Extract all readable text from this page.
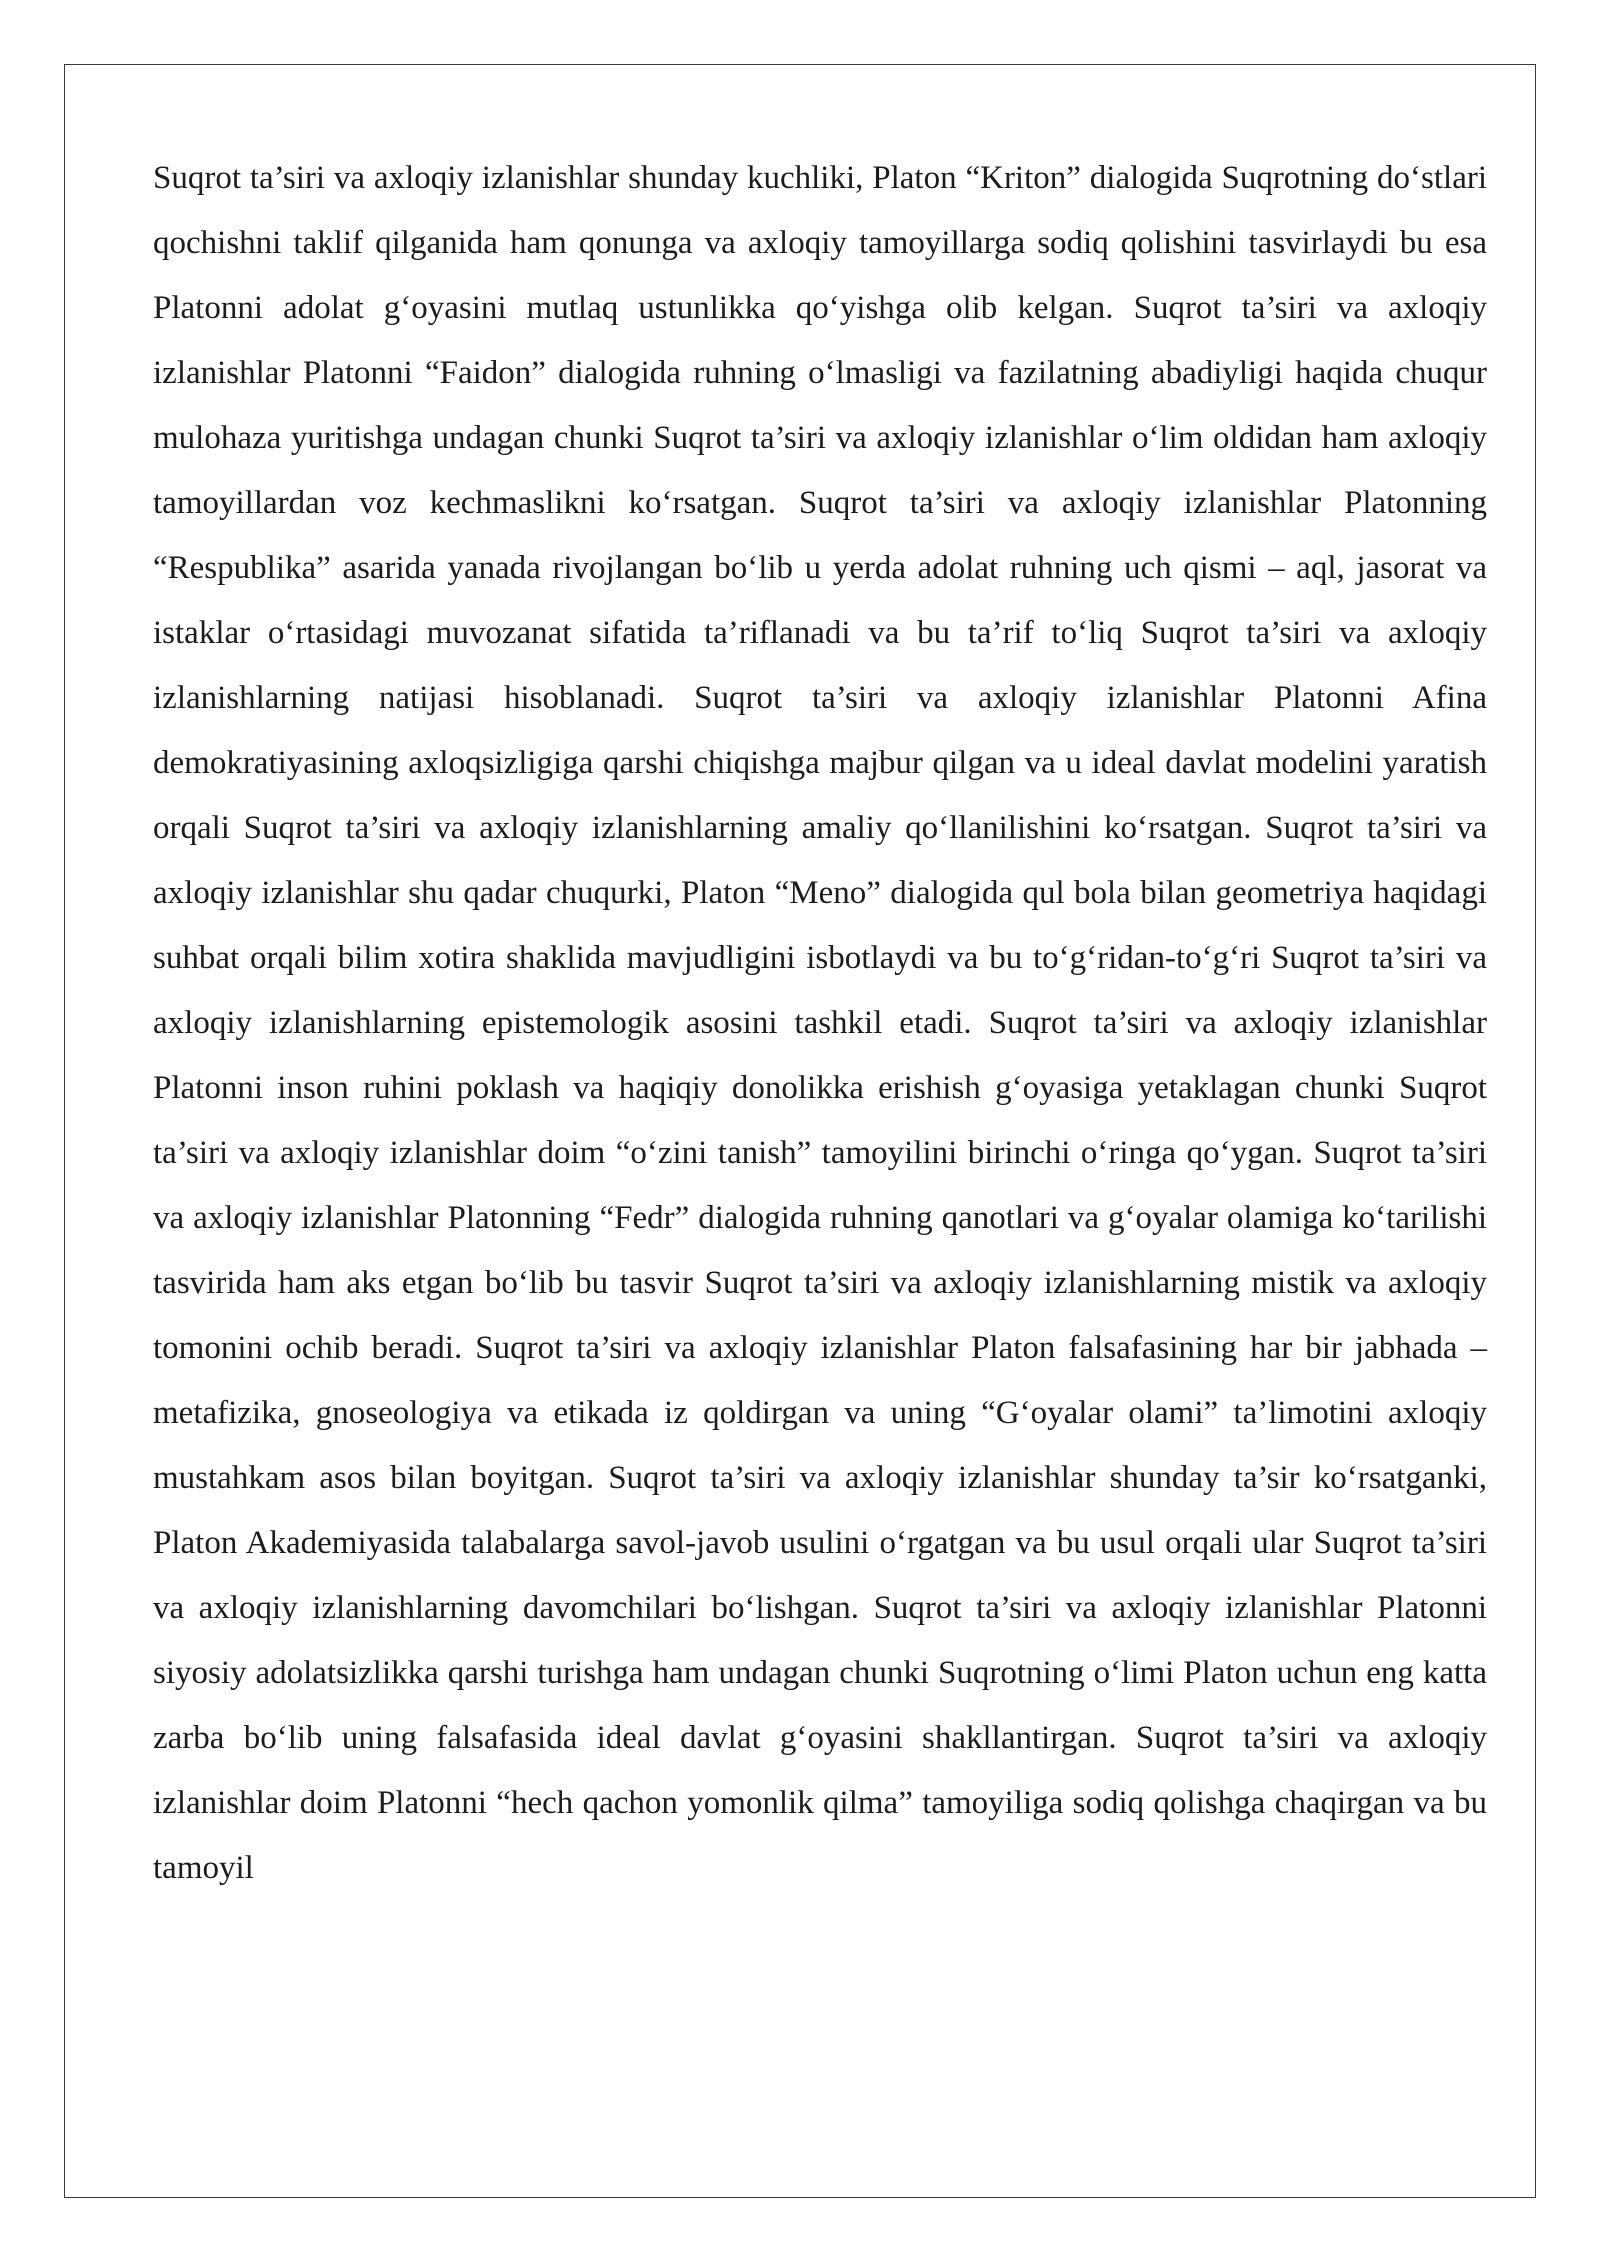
Suqrot ta’siri va axloqiy izlanishlar shunday kuchliki, Platon “Kriton” dialogida Suqrotning do‘stlari qochishni taklif qilganida ham qonunga va axloqiy tamoyillarga sodiq qolishini tasvirlaydi bu esa Platonni adolat g‘oyasini mutlaq ustunlikka qo‘yishga olib kelgan. Suqrot ta’siri va axloqiy izlanishlar Platonni “Faidon” dialogida ruhning o‘lmasligi va fazilatning abadiyligi haqida chuqur mulohaza yuritishga undagan chunki Suqrot ta’siri va axloqiy izlanishlar o‘lim oldidan ham axloqiy tamoyillardan voz kechmaslikni ko‘rsatgan. Suqrot ta’siri va axloqiy izlanishlar Platonning “Respublika” asarida yanada rivojlangan bo‘lib u yerda adolat ruhning uch qismi – aql, jasorat va istaklar o‘rtasidagi muvozanat sifatida ta’riflanadi va bu ta’rif to‘liq Suqrot ta’siri va axloqiy izlanishlarning natijasi hisoblanadi. Suqrot ta’siri va axloqiy izlanishlar Platonni Afina demokratiyasining axloqsizligiga qarshi chiqishga majbur qilgan va u ideal davlat modelini yaratish orqali Suqrot ta’siri va axloqiy izlanishlarning amaliy qo‘llanilishini ko‘rsatgan. Suqrot ta’siri va axloqiy izlanishlar shu qadar chuqurki, Platon “Meno” dialogida qul bola bilan geometriya haqidagi suhbat orqali bilim xotira shaklida mavjudligini isbotlaydi va bu to‘g‘ridan-to‘g‘ri Suqrot ta’siri va axloqiy izlanishlarning epistemologik asosini tashkil etadi. Suqrot ta’siri va axloqiy izlanishlar Platonni inson ruhini poklash va haqiqiy donolikka erishish g‘oyasiga yetaklagan chunki Suqrot ta’siri va axloqiy izlanishlar doim “o‘zini tanish” tamoyilini birinchi o‘ringa qo‘ygan. Suqrot ta’siri va axloqiy izlanishlar Platonning “Fedr” dialogida ruhning qanotlari va g‘oyalar olamiga ko‘tarilishi tasvirida ham aks etgan bo‘lib bu tasvir Suqrot ta’siri va axloqiy izlanishlarning mistik va axloqiy tomonini ochib beradi. Suqrot ta’siri va axloqiy izlanishlar Platon falsafasining har bir jabhada – metafizika, gnoseologiya va etikada iz qoldirgan va uning “G‘oyalar olami” ta’limotini axloqiy mustahkam asos bilan boyitgan. Suqrot ta’siri va axloqiy izlanishlar shunday ta’sir ko‘rsatganki, Platon Akademiyasida talabalarga savol-javob usulini o‘rgatgan va bu usul orqali ular Suqrot ta’siri va axloqiy izlanishlarning davomchilari bo‘lishgan. Suqrot ta’siri va axloqiy izlanishlar Platonni siyosiy adolatsizlikka qarshi turishga ham undagan chunki Suqrotning o‘limi Platon uchun eng katta zarba bo‘lib uning falsafasida ideal davlat g‘oyasini shakllantirgan. Suqrot ta’siri va axloqiy izlanishlar doim Platonni “hech qachon yomonlik qilma” tamoyiliga sodiq qolishga chaqirgan va bu tamoyil
